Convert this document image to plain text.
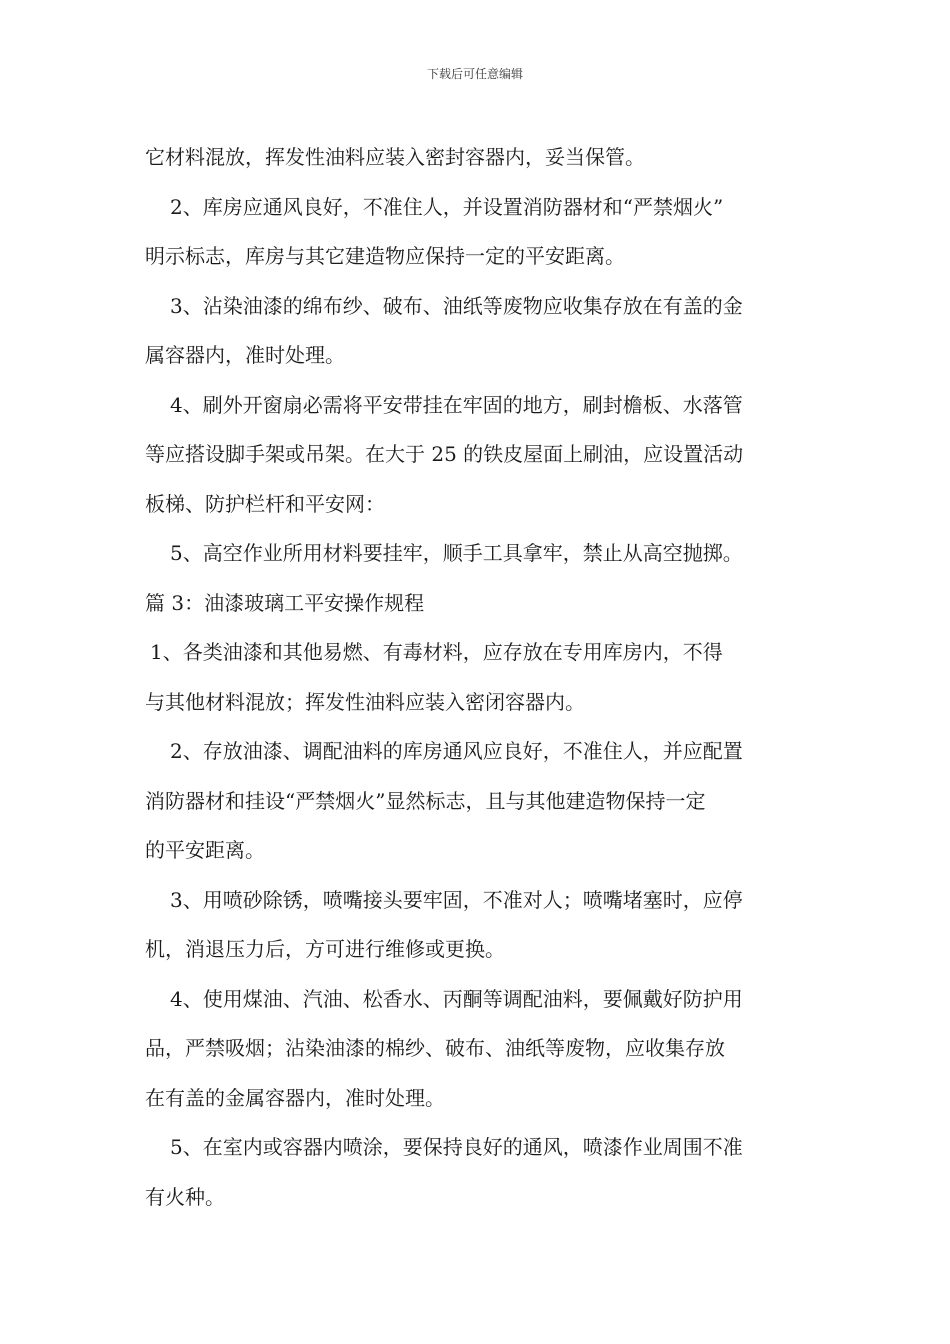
下载后可任意编辑
它材料混放，挥发性油料应装入密封容器内，妥当保管。
2、库房应通风良好，不准住人，并设置消防器材和“严禁烟火”
明示标志，库房与其它建造物应保持一定的平安距离。
3、沾染油漆的绵布纱、破布、油纸等废物应收集存放在有盖的金
属容器内，准时处理。
4、刷外开窗扇必需将平安带挂在牢固的地方，刷封檐板、水落管
等应搭设脚手架或吊架。在大于 25 的铁皮屋面上刷油，应设置活动
板梯、防护栏杆和平安网：
5、高空作业所用材料要挂牢，顺手工具拿牢，禁止从高空抛掷。
篇 3：油漆玻璃工平安操作规程
1、各类油漆和其他易燃、有毒材料，应存放在专用库房内，不得
与其他材料混放；挥发性油料应装入密闭容器内。
2、存放油漆、调配油料的库房通风应良好，不准住人，并应配置
消防器材和挂设“严禁烟火”显然标志，且与其他建造物保持一定
的平安距离。
3、用喷砂除锈，喷嘴接头要牢固，不准对人；喷嘴堵塞时，应停
机，消退压力后，方可进行维修或更换。
4、使用煤油、汽油、松香水、丙酮等调配油料，要佩戴好防护用
品，严禁吸烟；沾染油漆的棉纱、破布、油纸等废物，应收集存放
在有盖的金属容器内，准时处理。
5、在室内或容器内喷涂，要保持良好的通风，喷漆作业周围不准
有火种。
